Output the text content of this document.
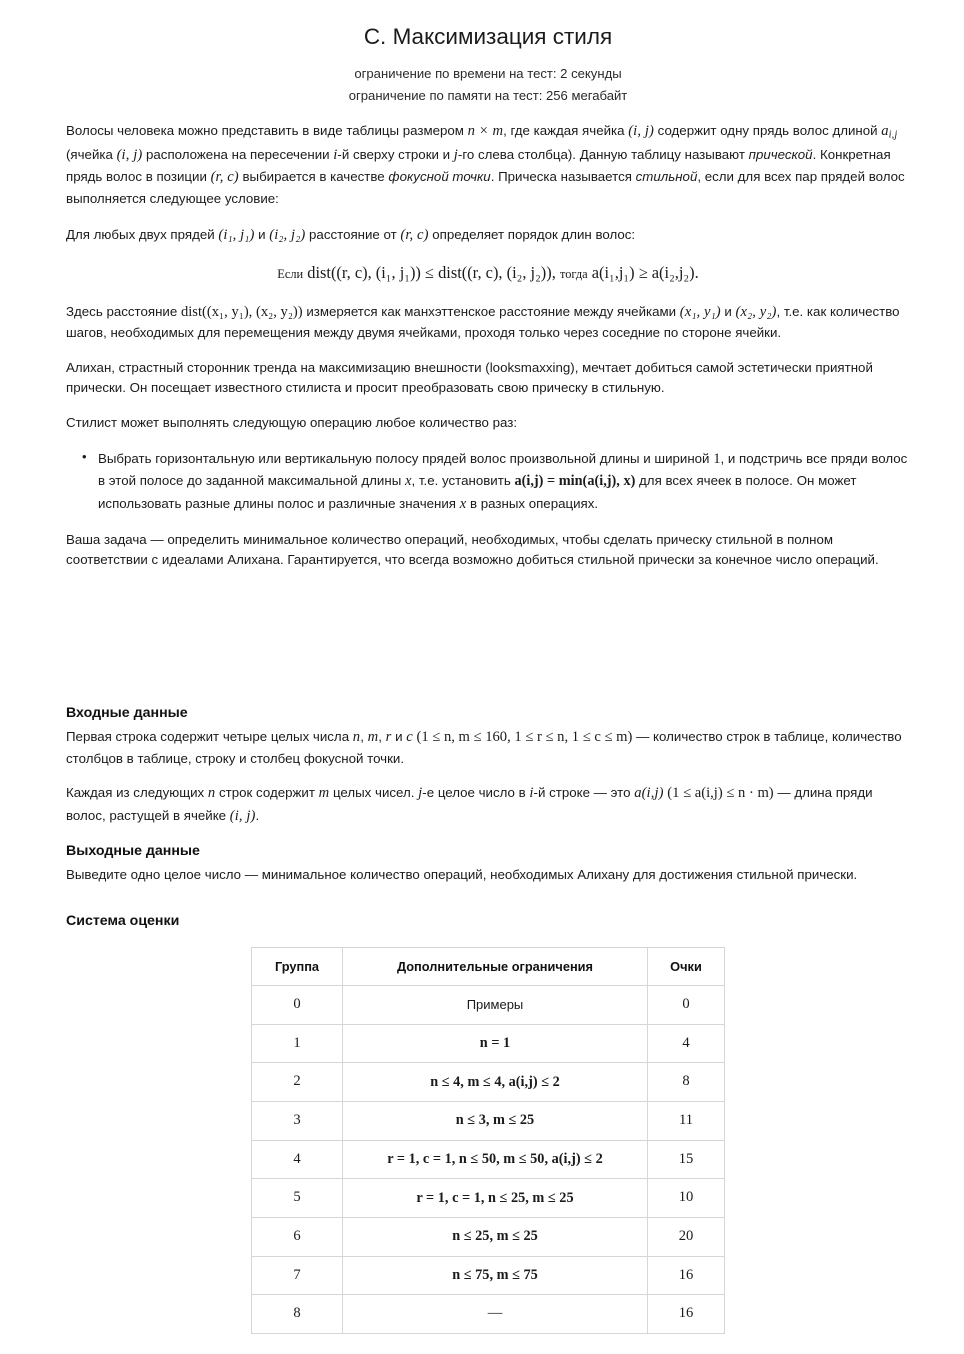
C. Максимизация стиля
ограничение по времени на тест: 2 секунды
ограничение по памяти на тест: 256 мегабайт

Волосы человека можно представить в виде таблицы размером n × m, где каждая ячейка (i, j) содержит одну прядь волос длиной $a_{i,j}$ (ячейка (i, j) расположена на пересечении i-й сверху строки и j-го слева столбца). Данную таблицу называют прической. Конкретная прядь волос в позиции (r, c) выбирается в качестве фокусной точки. Прическа называется стильной, если для всех пар прядей волос выполняется следующее условие:

Для любых двух прядей (i₁, j₁) и (i₂, j₂) расстояние от (r, c) определяет порядок длин волос:

Если dist((r, c), (i₁, j₁)) ≤ dist((r, c), (i₂, j₂)), тогда a(i₁,j₁) ≥ a(i₂,j₂).

Здесь расстояние dist((x₁, y₁), (x₂, y₂)) измеряется как манхэттенское расстояние между ячейками (x₁, y₁) и (x₂, y₂), т.е. как количество шагов, необходимых для перемещения между двумя ячейками, проходя только через соседние по стороне ячейки.

Алихан, страстный сторонник тренда на максимизацию внешности (looksmaxxing), мечтает добиться самой эстетически приятной прически. Он посещает известного стилиста и просит преобразовать свою прическу в стильную.

Стилист может выполнять следующую операцию любое количество раз:

• Выбрать горизонтальную или вертикальную полосу прядей волос произвольной длины и шириной 1, и подстричь все пряди волос в этой полосе до заданной максимальной длины x, т.е. установить a(i,j) = min(a(i,j), x) для всех ячеек в полосе. Он может использовать разные длины полос и различные значения x в разных операциях.

Ваша задача — определить минимальное количество операций, необходимых, чтобы сделать прическу стильной в полном соответствии с идеалами Алихана. Гарантируется, что всегда возможно добиться стильной прически за конечное число операций.

Входные данные

Первая строка содержит четыре целых числа n, m, r и c (1 ≤ n, m ≤ 160, 1 ≤ r ≤ n, 1 ≤ c ≤ m) — количество строк в таблице, количество столбцов в таблице, строку и столбец фокусной точки.

Каждая из следующих n строк содержит m целых чисел. j-е целое число в i-й строке — это a(i,j) (1 ≤ a(i,j) ≤ n · m) — длина пряди волос, растущей в ячейке (i, j).

Выходные данные

Выведите одно целое число — минимальное количество операций, необходимых Алихану для достижения стильной прически.

Система оценки
Группа	Дополнительные ограничения	Очки
0	Примеры	0
1	n = 1	4
2	n ≤ 4, m ≤ 4, a(i,j) ≤ 2	8
3	n ≤ 3, m ≤ 25	11
4	r = 1, c = 1, n ≤ 50, m ≤ 50, a(i,j) ≤ 2	15
5	r = 1, c = 1, n ≤ 25, m ≤ 25	10
6	n ≤ 25, m ≤ 25	20
7	n ≤ 75, m ≤ 75	16
8	—	16
